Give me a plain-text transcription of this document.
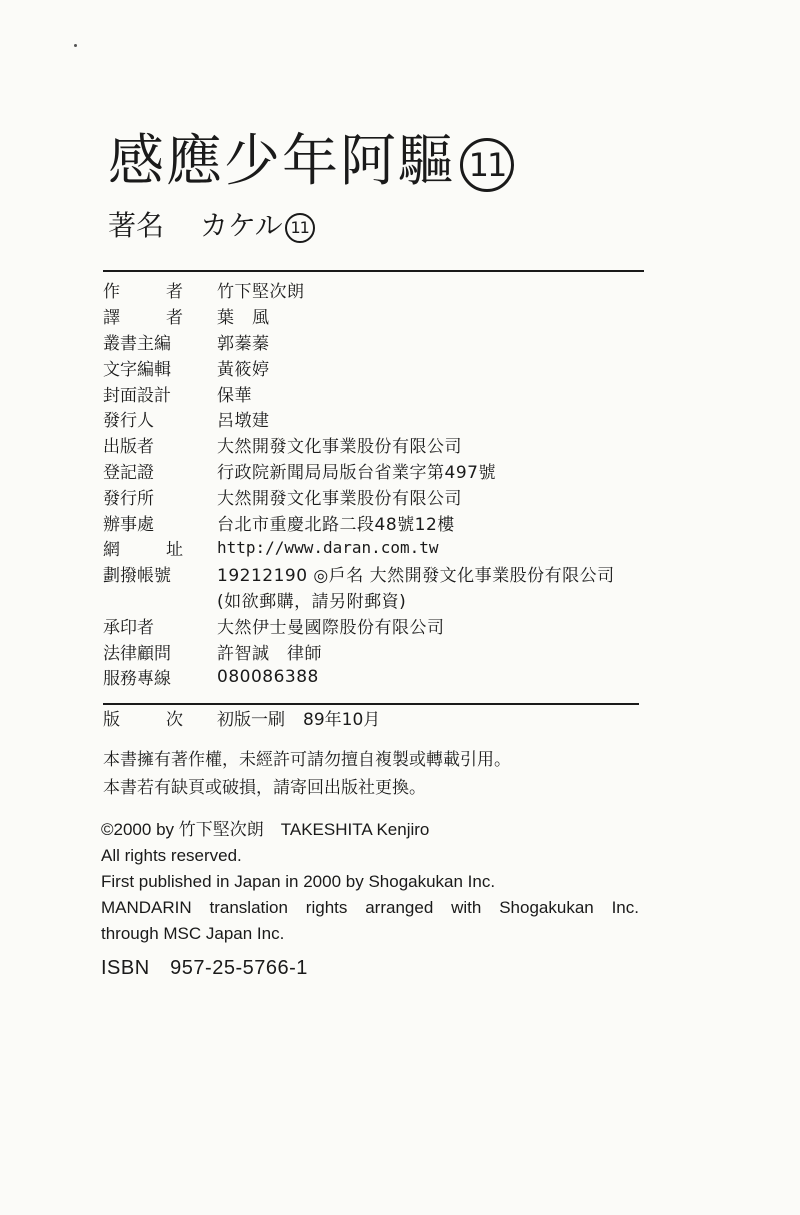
感應少年阿驅 11
著名 カケル 11
作	者 竹下堅次朗
譯	者 葉　風
叢書主編	郭蓁蓁
文字編輯	黃筱婷
封面設計	保華
發行人	呂墩建
出版者	大然開發文化事業股份有限公司
登記證	行政院新聞局局版台省業字第497號
發行所	大然開發文化事業股份有限公司
辦事處	台北市重慶北路二段48號12樓
網	址 http://www.daran.com.tw
劃撥帳號	19212190 ◎戶名 大然開發文化事業股份有限公司
(如欲郵購，請另附郵資)
承印者	大然伊士曼國際股份有限公司
法律顧問	許智誠　律師
服務專線	080086388
版	次 初版一刷 89年10月
本書擁有著作權，未經許可請勿擅自複製或轉載引用。
本書若有缺頁或破損，請寄回出版社更換。
©2000 by 竹下堅次朗　TAKESHITA Kenjiro
All rights reserved.
First published in Japan in 2000 by Shogakukan Inc.
MANDARIN translation rights arranged with Shogakukan Inc.
through MSC Japan Inc.
ISBN　957-25-5766-1
